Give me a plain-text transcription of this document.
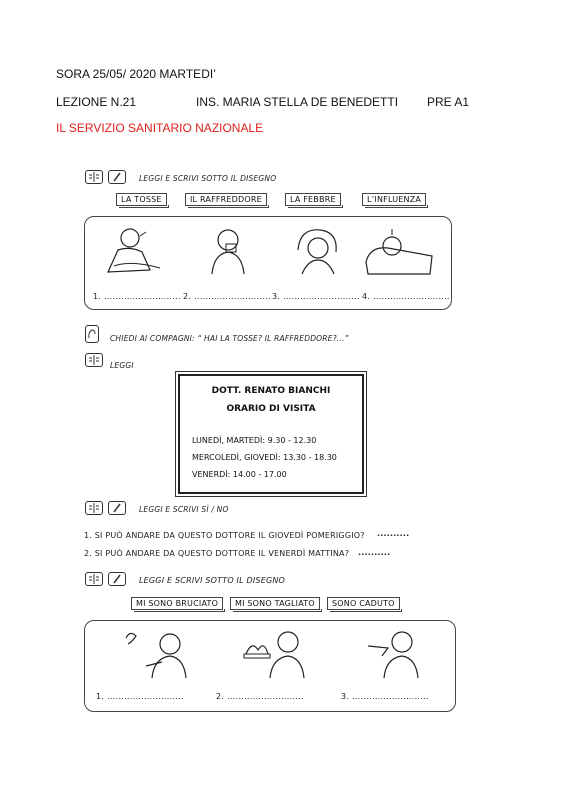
SORA 25/05/ 2020 MARTEDI’
LEZIONE N.21	INS. MARIA STELLA DE BENEDETTI PRE A1
IL SERVIZIO SANITARIO NAZIONALE
LEGGI E SCRIVI SOTTO IL DISEGNO
LA TOSSE	IL RAFFREDDORE	LA FEBBRE	L’INFLUENZA
1. ........................... 2. ........................... 3. ........................... 4. ...........................
CHIEDI AI COMPAGNI: “ HAI LA TOSSE? IL RAFFREDDORE?...”
LEGGI
DOTT. RENATO BIANCHI
ORARIO DI VISITA
LUNEDÌ, MARTEDÌ: 9.30 - 12.30
MERCOLEDÌ, GIOVEDÌ: 13.30 - 18.30
VENERDÌ: 14.00 - 17.00
LEGGI E SCRIVI SÌ / NO
1. SI PUÒ ANDARE DA QUESTO DOTTORE IL GIOVEDÌ POMERIGGIO? ..........
2. SI PUÒ ANDARE DA QUESTO DOTTORE IL VENERDÌ MATTINA? ..........
LEGGI E SCRIVI SOTTO IL DISEGNO
MI SONO BRUCIATO	MI SONO TAGLIATO	SONO CADUTO
1. ...........................	2. ...........................	3. ...........................
